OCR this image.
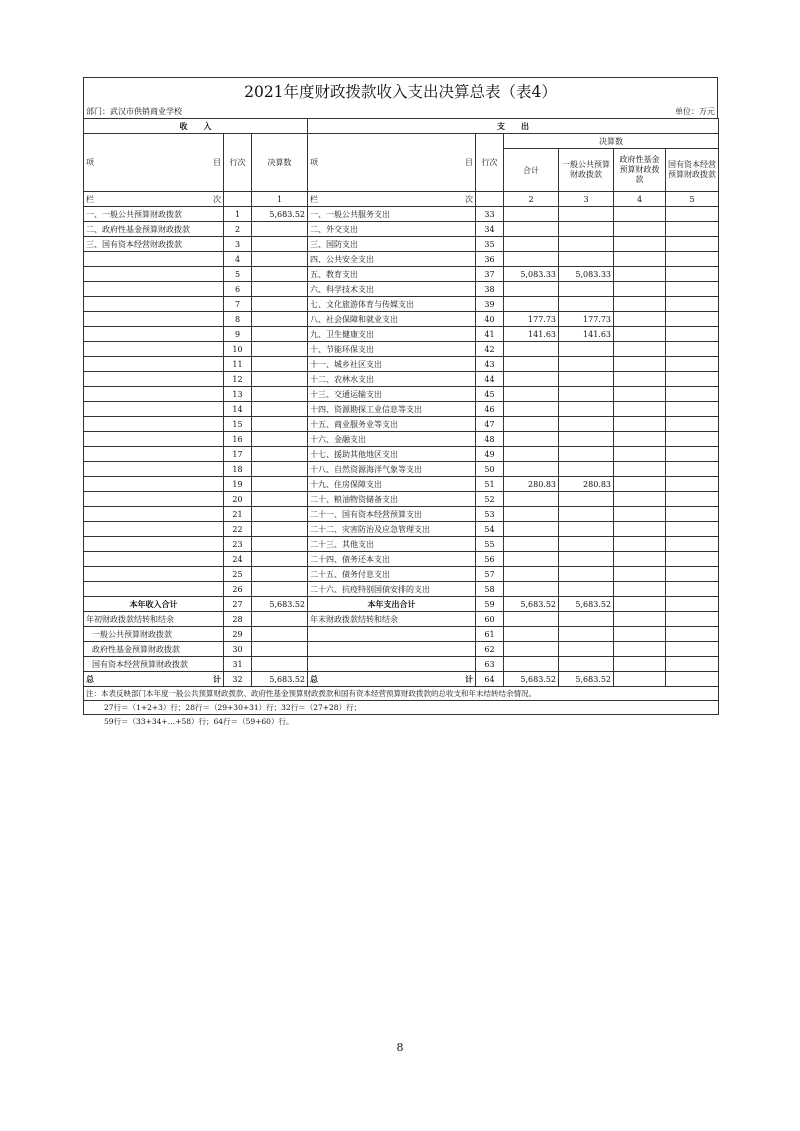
2021年度财政拨款收入支出决算总表（表4）
部门：武汉市供销商业学校	单位：万元
收　　入			支　　出					

项 目	行次	决算数	项 目	行次	决算数			
					合计	一般公共预算财政拨款	政府性基金预算财政拨款	国有资本经营预算财政拨款

栏 次		1	栏 次		2	3	4	5
一、一般公共预算财政拨款	1	5,683.52	一、一般公共服务支出	33				
二、政府性基金预算财政拨款	2		二、外交支出	34				
三、国有资本经营财政拨款	3		三、国防支出	35				
	4		四、公共安全支出	36				
	5		五、教育支出	37	5,083.33	5,083.33		
	6		六、科学技术支出	38				
	7		七、文化旅游体育与传媒支出	39				
	8		八、社会保障和就业支出	40	177.73	177.73		
	9		九、卫生健康支出	41	141.63	141.63		
	10		十、节能环保支出	42				
	11		十一、城乡社区支出	43				
	12		十二、农林水支出	44				
	13		十三、交通运输支出	45				
	14		十四、资源勘探工业信息等支出	46				
	15		十五、商业服务业等支出	47				
	16		十六、金融支出	48				
	17		十七、援助其他地区支出	49				
	18		十八、自然资源海洋气象等支出	50				
	19		十九、住房保障支出	51	280.83	280.83		
	20		二十、粮油物资储备支出	52				
	21		二十一、国有资本经营预算支出	53				
	22		二十二、灾害防治及应急管理支出	54				
	23		二十三、其他支出	55				
	24		二十四、债务还本支出	56				
	25		二十五、债务付息支出	57				
	26		二十六、抗疫特别国债安排的支出	58				
本年收入合计	27	5,683.52	本年支出合计	59	5,683.52	5,683.52		
年初财政拨款结转和结余	28		年末财政拨款结转和结余	60				
一般公共预算财政拨款	29			61				
政府性基金预算财政拨款	30			62				
国有资本经营预算财政拨款	31			63				

总 计	32	5,683.52	总 计	64	5,683.52	5,683.52		
注：本表反映部门本年度一般公共预算财政拨款、政府性基金预算财政拨款和国有资本经营预算财政拨款的总收支和年末结转结余情况。								
27行＝（1+2+3）行；28行＝（29+30+31）行；32行＝（27+28）行；								
59行＝（33+34+…+58）行；64行＝（59+60）行。								
8
